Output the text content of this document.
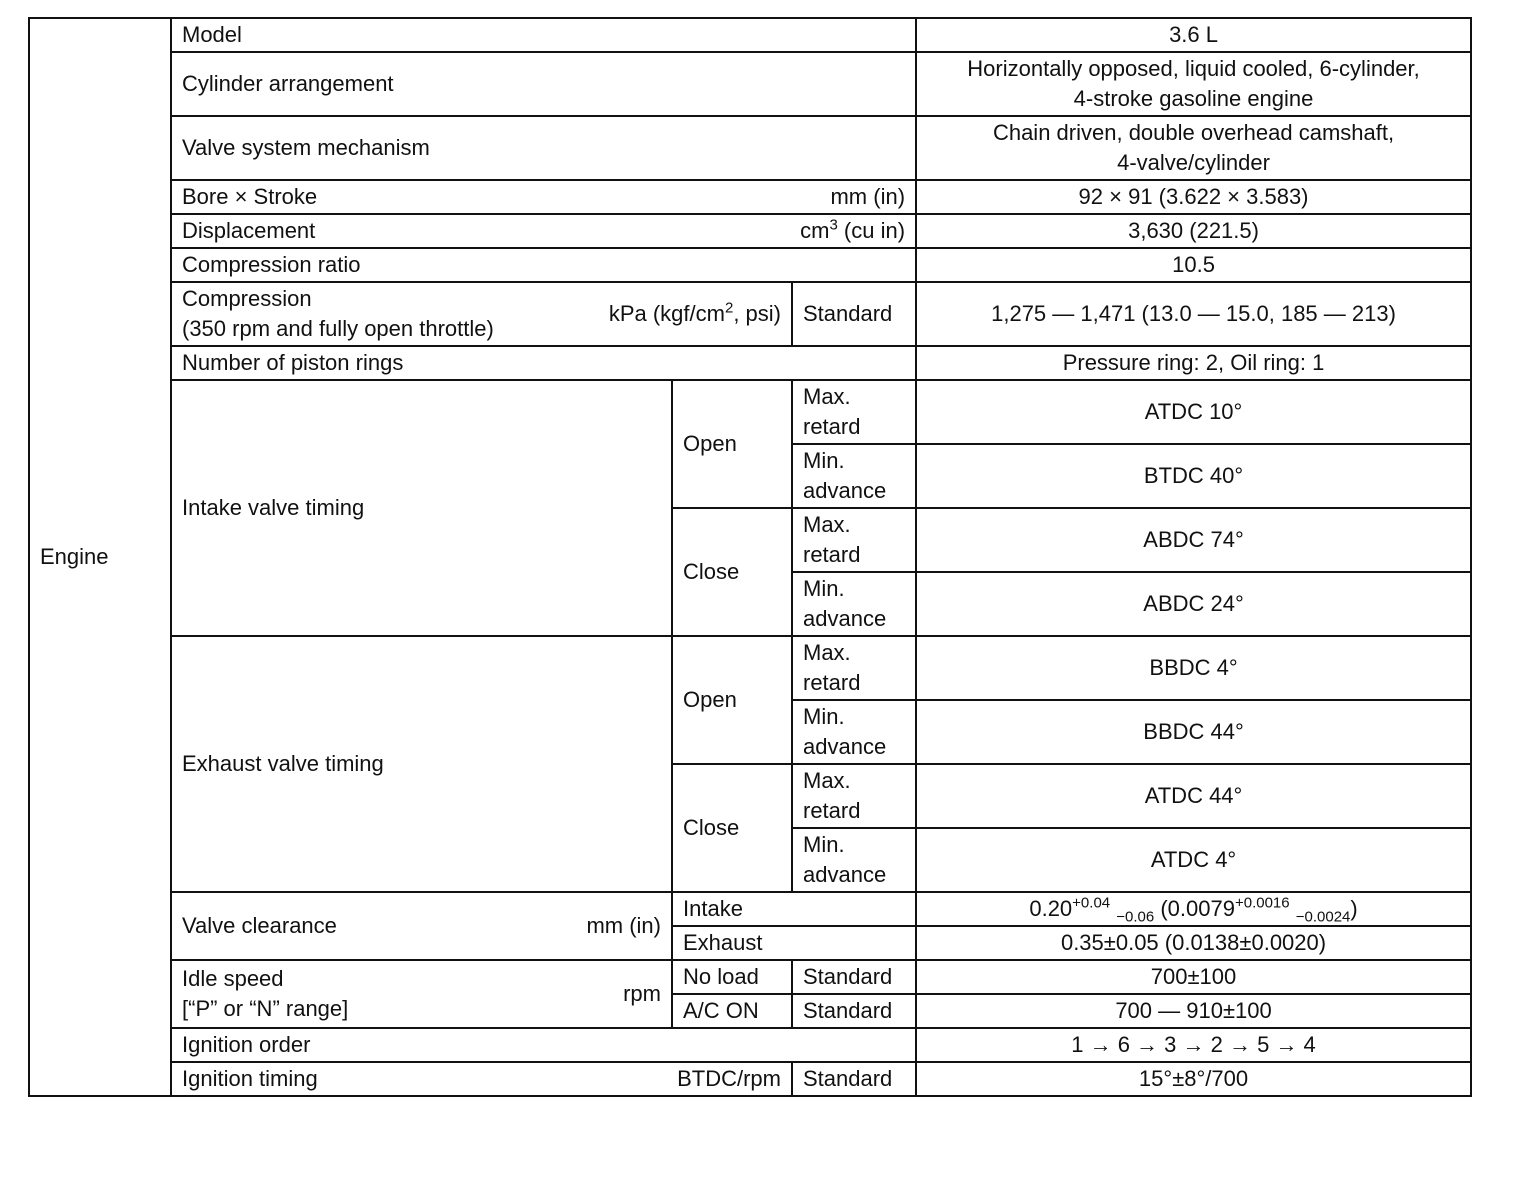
Engine	Model			3.6 L
	Cylinder arrangement			Horizontally opposed, liquid cooled, 6-cylinder,
4-stroke gasoline engine

	Valve system mechanism			Chain driven, double overhead camshaft,
4-valve/cylinder

	Bore × Stroke mm (in)			92 × 91 (3.622 × 3.583)

	Displacement $cm^3$ (cu in)			3,630 (221.5)
	Compression ratio			10.5

	Compression
(350 rpm and fully open throttle)
kPa ($kgf/cm^2$, psi)		Standard	1,275 — 1,471 (13.0 — 15.0, 185 — 213)
	Number of piston rings			Pressure ring: 2, Oil ring: 1
	Intake valve timing	Open	Max.
retard	ATDC 10°

			Min.
advance	BTDC 40°
		Close	Max.
retard	ABDC 74°

			Min.
advance	ABDC 24°
	Exhaust valve timing	Open	Max.
retard	BBDC 4°

			Min.
advance	BBDC 44°
		Close	Max.
retard	ATDC 44°

			Min.
advance	ATDC 4°

	Valve clearance mm (in)	Intake		$0.20^{+0.04}$ $_{-0.06}$ ($0.0079^{+0.0016}$ $_{-0.0024}$)
		Exhaust		0.35±0.05 (0.0138±0.0020)

	Idle speed
[“P” or “N” range]
rpm	No load	Standard	700±100
		A/C ON	Standard	700 — 910±100
	Ignition order			1 → 6 → 3 → 2 → 5 → 4

	Ignition timing BTDC/rpm		Standard	15°±8°/700
